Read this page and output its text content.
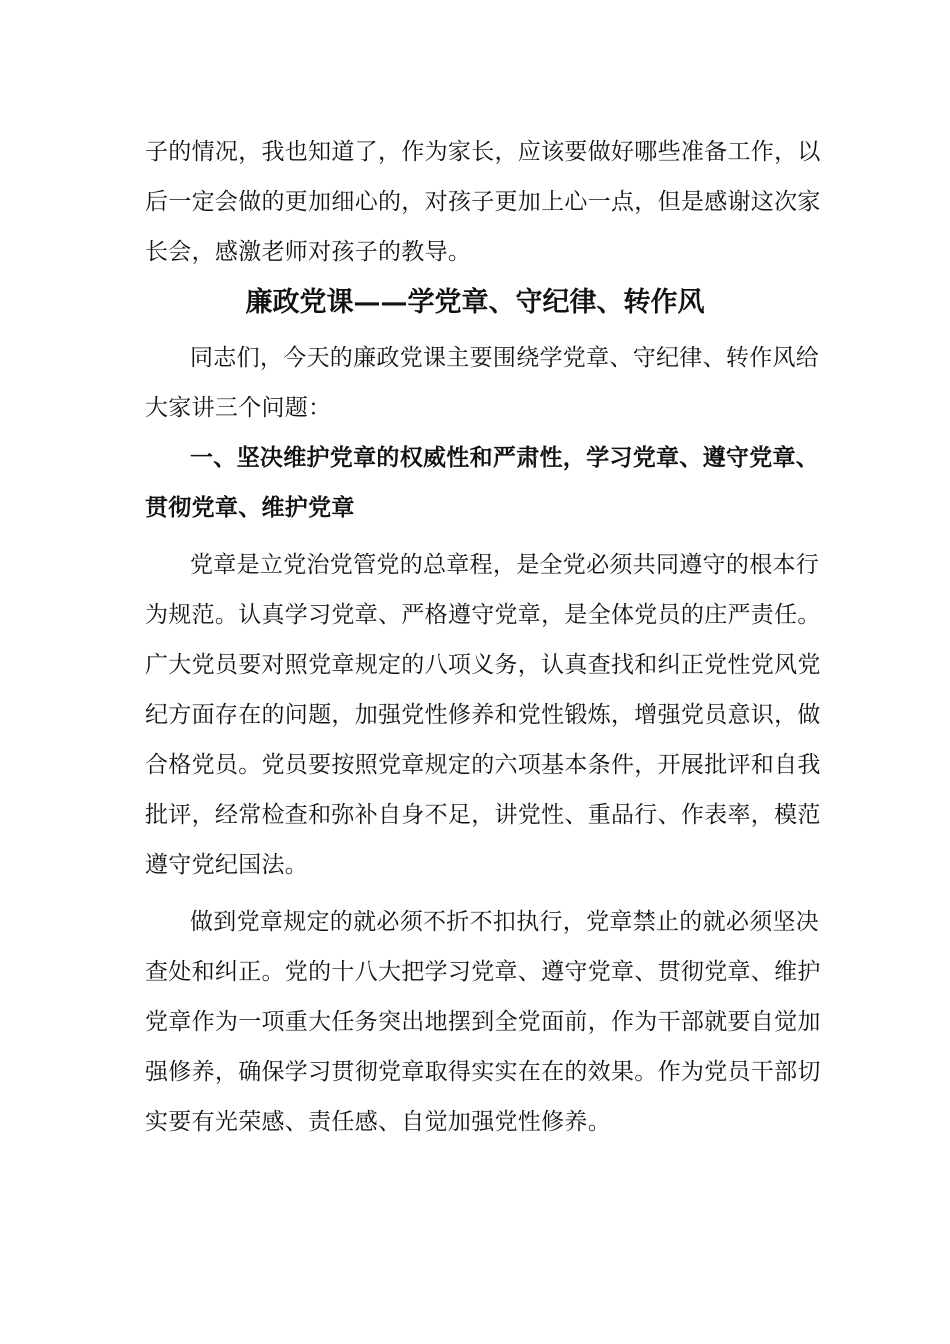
子的情况，我也知道了，作为家长，应该要做好哪些准备工作，以
后一定会做的更加细心的，对孩子更加上心一点，但是感谢这次家
长会，感激老师对孩子的教导。
廉政党课——学党章、守纪律、转作风
同志们，今天的廉政党课主要围绕学党章、守纪律、转作风给
大家讲三个问题：
一、坚决维护党章的权威性和严肃性，学习党章、遵守党章、
贯彻党章、维护党章
党章是立党治党管党的总章程，是全党必须共同遵守的根本行
为规范。认真学习党章、严格遵守党章，是全体党员的庄严责任。
广大党员要对照党章规定的八项义务，认真查找和纠正党性党风党
纪方面存在的问题，加强党性修养和党性锻炼，增强党员意识，做
合格党员。党员要按照党章规定的六项基本条件，开展批评和自我
批评，经常检查和弥补自身不足，讲党性、重品行、作表率，模范
遵守党纪国法。
做到党章规定的就必须不折不扣执行，党章禁止的就必须坚决
查处和纠正。党的十八大把学习党章、遵守党章、贯彻党章、维护
党章作为一项重大任务突出地摆到全党面前，作为干部就要自觉加
强修养，确保学习贯彻党章取得实实在在的效果。作为党员干部切
实要有光荣感、责任感、自觉加强党性修养。
